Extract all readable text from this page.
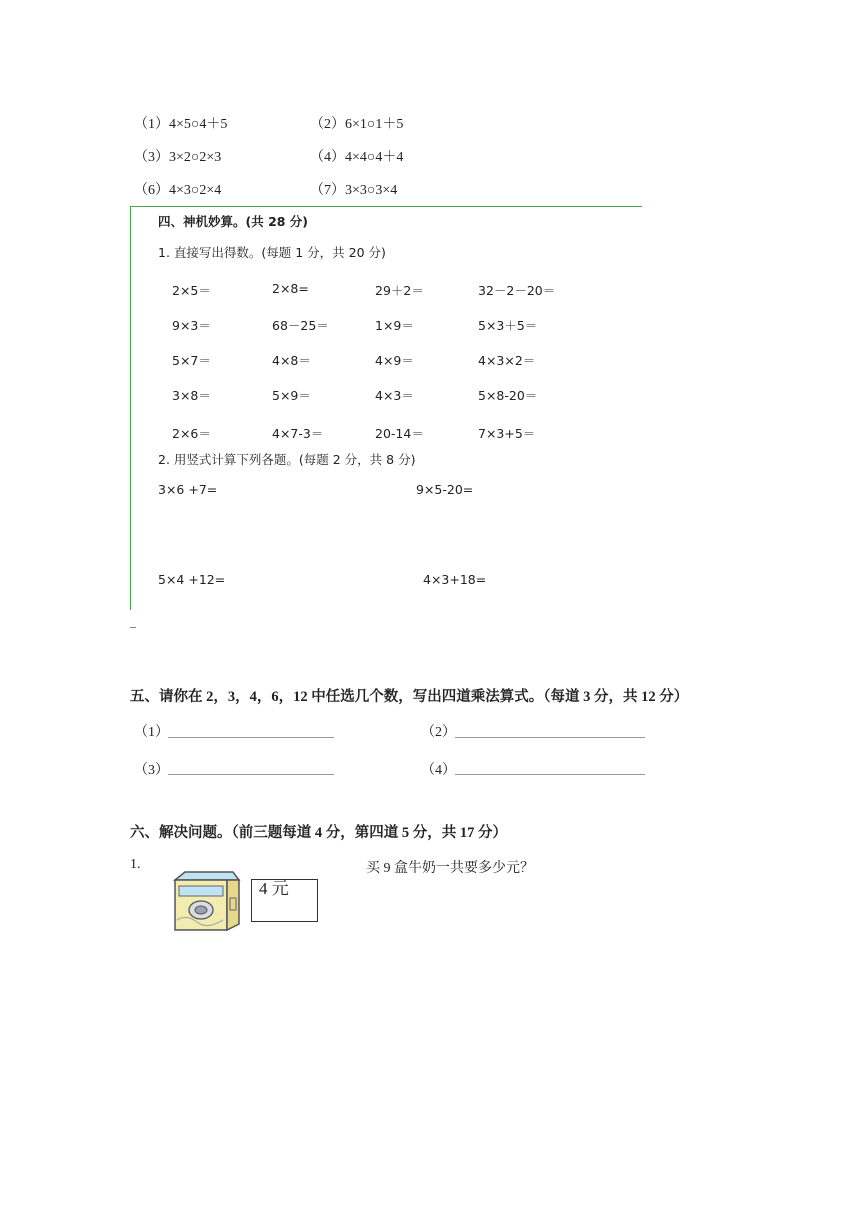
（1）4×5○4＋5	（2）6×1○1＋5
（3）3×2○2×3	（4）4×4○4＋4
（6）4×3○2×4	（7）3×3○3×4
四、神机妙算。(共 28 分)
1. 直接写出得数。(每题 1 分，共 20 分)
2×5＝	2×8=	29＋2＝	32－2－20＝
9×3＝	68－25＝	1×9＝	5×3＋5＝
5×7＝	4×8＝	4×9＝	4×3×2＝
3×8＝	5×9＝	4×3＝	5×8-20＝
2×6＝	4×7-3＝	20-14＝	7×3+5＝
2. 用竖式计算下列各题。(每题 2 分，共 8 分)
3×6 +7=	9×5-20=
5×4 +12=	4×3+18=
五、请你在 2，3，4，6，12 中任选几个数，写出四道乘法算式。（每道 3 分，共 12 分）
（1）	（2）
（3）	（4）
六、解决问题。（前三题每道 4 分，第四道 5 分，共 17 分）
1.	买 9 盒牛奶一共要多少元？
4 元
